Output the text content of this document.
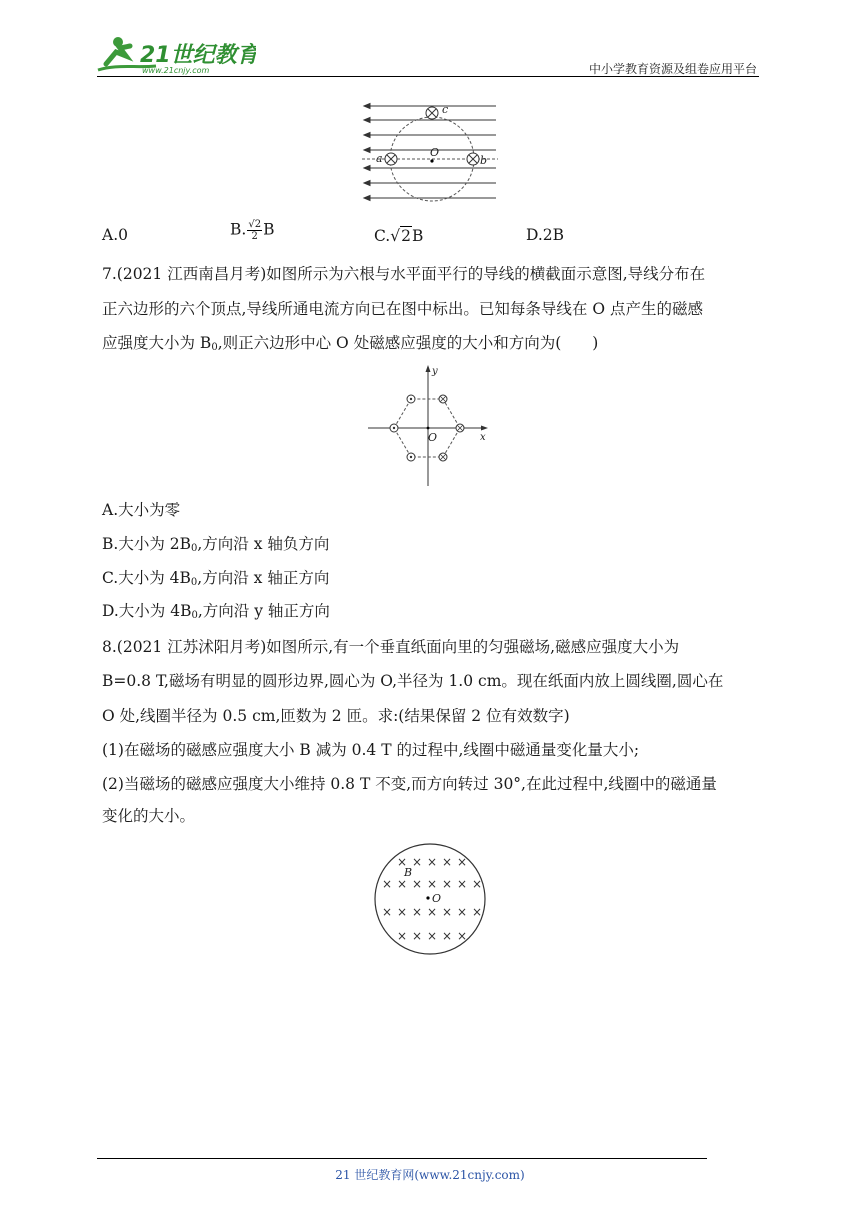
21世纪教育
www.21cnjy.com	中小学教育资源及组卷应用平台
c
O
a	b
A.0	B. $\frac{√2}{2}$ B	C.√2B	D.2B
7.(2021 江西南昌月考)如图所示为六根与水平面平行的导线的横截面示意图,导线分布在
正六边形的六个顶点,导线所通电流方向已在图中标出。已知每条导线在 O 点产生的磁感
应强度大小为 $B_0$,则正六边形中心 O 处磁感应强度的大小和方向为(　　)
y
x
O
A.大小为零
B.大小为 $2B_0$,方向沿 x 轴负方向
C.大小为 $4B_0$,方向沿 x 轴正方向
D.大小为 $4B_0$,方向沿 y 轴正方向
8.(2021 江苏沭阳月考)如图所示,有一个垂直纸面向里的匀强磁场,磁感应强度大小为
B=0.8 T,磁场有明显的圆形边界,圆心为 O,半径为 1.0 cm。现在纸面内放上圆线圈,圆心在
O 处,线圈半径为 0.5 cm,匝数为 2 匝。求:(结果保留 2 位有效数字)
(1)在磁场的磁感应强度大小 B 减为 0.4 T 的过程中,线圈中磁通量变化量大小;
(2)当磁场的磁感应强度大小维持 0.8 T 不变,而方向转过 30°,在此过程中,线圈中的磁通量
变化的大小。
× × × × ×
× × × × × × ×
× × × × × × ×
× × × × ×
B
O
21 世纪教育网(www.21cnjy.com)
